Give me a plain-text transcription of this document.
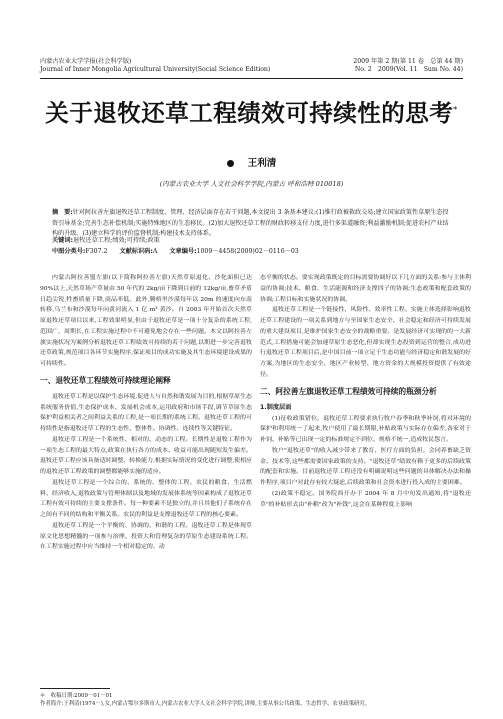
内蒙古农业大学学报(社会科学版)
Journal of Inner Mongolia Agricultural University(Social Science Edition)
2009 年第 2 期(第 11 卷　总第 44 期)
No. 2　2009(Vol. 11　Sum No. 44)
关于退牧还草工程绩效可持续性的思考*
王利清
(内蒙古农业大学 人文社会科学学院,内蒙古 呼和浩特 010018)
摘　要:针对阿拉善左旗退牧还草工程制度、管理、经济层面存在若干问题,本文提出 3 条基本建议:(1)惟行政被救政交易;建立国家政策性草原生态投资引导基金;完善生态补偿机制;实施特殊地区的生态移民。(2)加大退牧还草工程的财政转移支付力度,进行多渠道融资;利益激励机制;促进农村产业结构的升级。(3)建立科学的评价监督机制;构建技术支持体系。
关键词:退牧还草工程;绩效;可持续;政策
中图分类号:F307.2 文献标识码:A 文章编号:1009－4458(2009)02－0116－03

内蒙古阿拉善盟左旗(以下简称阿拉善左旗)天然草原退化、沙化面积已达 90%以上,天然草场产草量由 50 年代的 2kg/亩下降到目前的 12kg/亩,畜草矛盾日趋尖锐,牲畜质量下降,商品率低。此外,腾格里沙漠每年以 20m 的速度向东南转移,乌兰布和沙漠每年向黄河流入 1 亿 m³ 黄沙。自 2003 年开始首次天然草原退牧还草项目以来,工程效果明显,但由于退牧还草是一项十分复杂的系统工程,范围广、周期长,在工程实施过程中不可避免地会存在一些问题。本文以阿拉善左旗实施状况为案例分析退牧还草工程绩效可持续的若干问题,以期进一步完善退牧还草政策,规范项目各环节实施程序,保证项目的成功实施及其生态环境建设成果的可持续性。

一、退牧还草工程绩效可持续理论阐释

退牧还草工程是以保护生态环境,促进人与自然和谐发展为目的,根据草原生态系统服务价值,生态保护成本、发展机会成本,运用政府和市场手段,调节草原生态保护利益相关者之间利益关系的工程,是一项长期的系统工程。退牧还草工程的可持续性是指退牧还草工程的生态性、整体性、协调性、连续性等关键特征。

退牧还草工程是一个系统性、相对的、动态的工程。长期性是退牧工程作为一项生态工程的最大特点,政策在执行各方的成本、收益可能出现随短发生偏差。退牧还草工程应该具备适时调整、转换能力,根据实际情况的变化进行调整,使相应的退牧还草工程政策的调整都能够实施的适应。

退牧还草工程是一个综合的、系统的、整体的工程。农民的粮食、生活燃料、经济收入,退牧政策与管理体制以及地域的发展体系统等因素构成了退牧还草工程有效可持续的主要支撑条件。每一种要素不是独立的,并且其他们子系统存在之间有不同的结构和平衡关系。农民的利益是支撑退牧还草工程的核心要素。

退牧还草工程是一个平衡的、协调的、和谐的工程。退牧还草工程是体现草原文化思想精髓的一项参与治理、投资大和管理复杂的草原生态建设系统工程。在工程实施过程中应当维持一个相对稳定的、动

态平衡的状态。要实现政策既定的目标需要协调好以下几方面的关系:参与主体利益的协调;技术、粮食、生活能源和经济支撑四子的协调;生态政策和配套政策的协调;工程目标和实施状况的协调。

退牧还草工程是一个链接性、风险性、效率性工程。实施主体选择影响退牧还草工程建设的一项关系到地方与至国家生态安全、社会稳定和经济可持续发展的重大建设项目,是维护国家生态安全的战略重要。是发展经济可实现的的一大新范式,工程措施可能会加速草原生态恶化,但却实现生态投资到运营的整合,成功进行退牧还草工程项目后,是中国目前一项立足于生态功能与经济稳定和谐发展的好方案,为地区的生态安全、地区产业转型、地方资金的大规模投资提供了有效途径。

二、阿拉善左旗退牧还草工程绩效可持续的瓶颈分析
1.制度层面

(1)征收政策错位。退牧还草工程要求执行牧户春季和秋季补饲,将对环境的保护和利用统一了起来,牧户使用了最长期限,补贴政策与实际存在偏差,各家对于补饲、补贴等已出现一定的标准规定不到位、规格不统一,造成牧民怨言。

牧户"退牧还草"的收入减少带来了教育、医疗方面的负担。会同养畜缺乏资金、技术等,这些都需要国家政策的支持。"退牧还草"绩效有赖于更多的后续政策的配套和实施。目前退牧还草工程还没有明确说明这些问题的具体解决办法和操作程序,项目户对此存有较大疑虑,后续政策和社会资本进行投入成的主要困难。

(2)政策不稳定。国务院西开办于 2004 年 8 月中旬发出通知,将"退牧还草"的补贴形式由"补粮"改为"补钱",这会在某种程度上影响

＊　收稿日期:2009－01－01
作者简介:王利清(1974－),女,内蒙古鄂尔多斯市人,内蒙古农业大学人文社会科学学院,讲师,主要从事公共政策、生态哲学、农业政策研究。
